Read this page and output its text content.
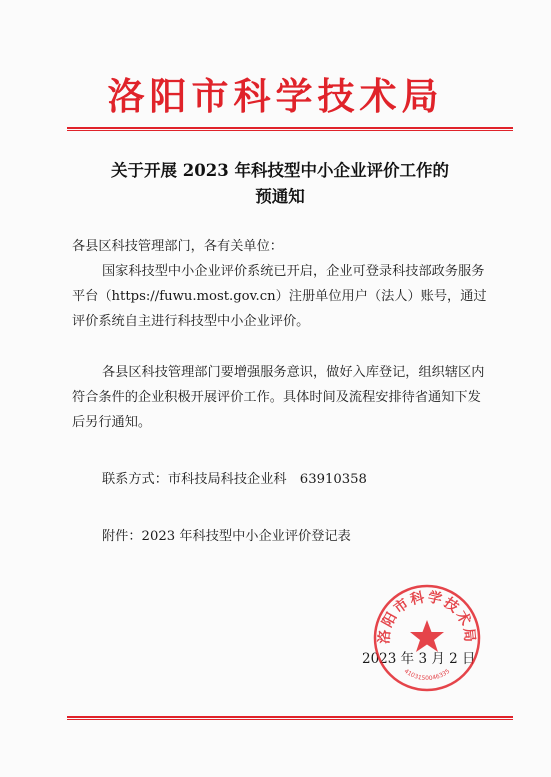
洛阳市科学技术局
关于开展 2023 年科技型中小企业评价工作的
预通知
各县区科技管理部门，各有关单位：
国家科技型中小企业评价系统已开启，企业可登录科技部政务服务平台（https://fuwu.most.gov.cn）注册单位用户（法人）账号，通过评价系统自主进行科技型中小企业评价。
各县区科技管理部门要增强服务意识，做好入库登记，组织辖区内符合条件的企业积极开展评价工作。具体时间及流程安排待省通知下发后另行通知。
联系方式：市科技局科技企业科　63910358
附件：2023 年科技型中小企业评价登记表
2023 年 3 月 2 日
洛阳市科学技术局
4103150046335
